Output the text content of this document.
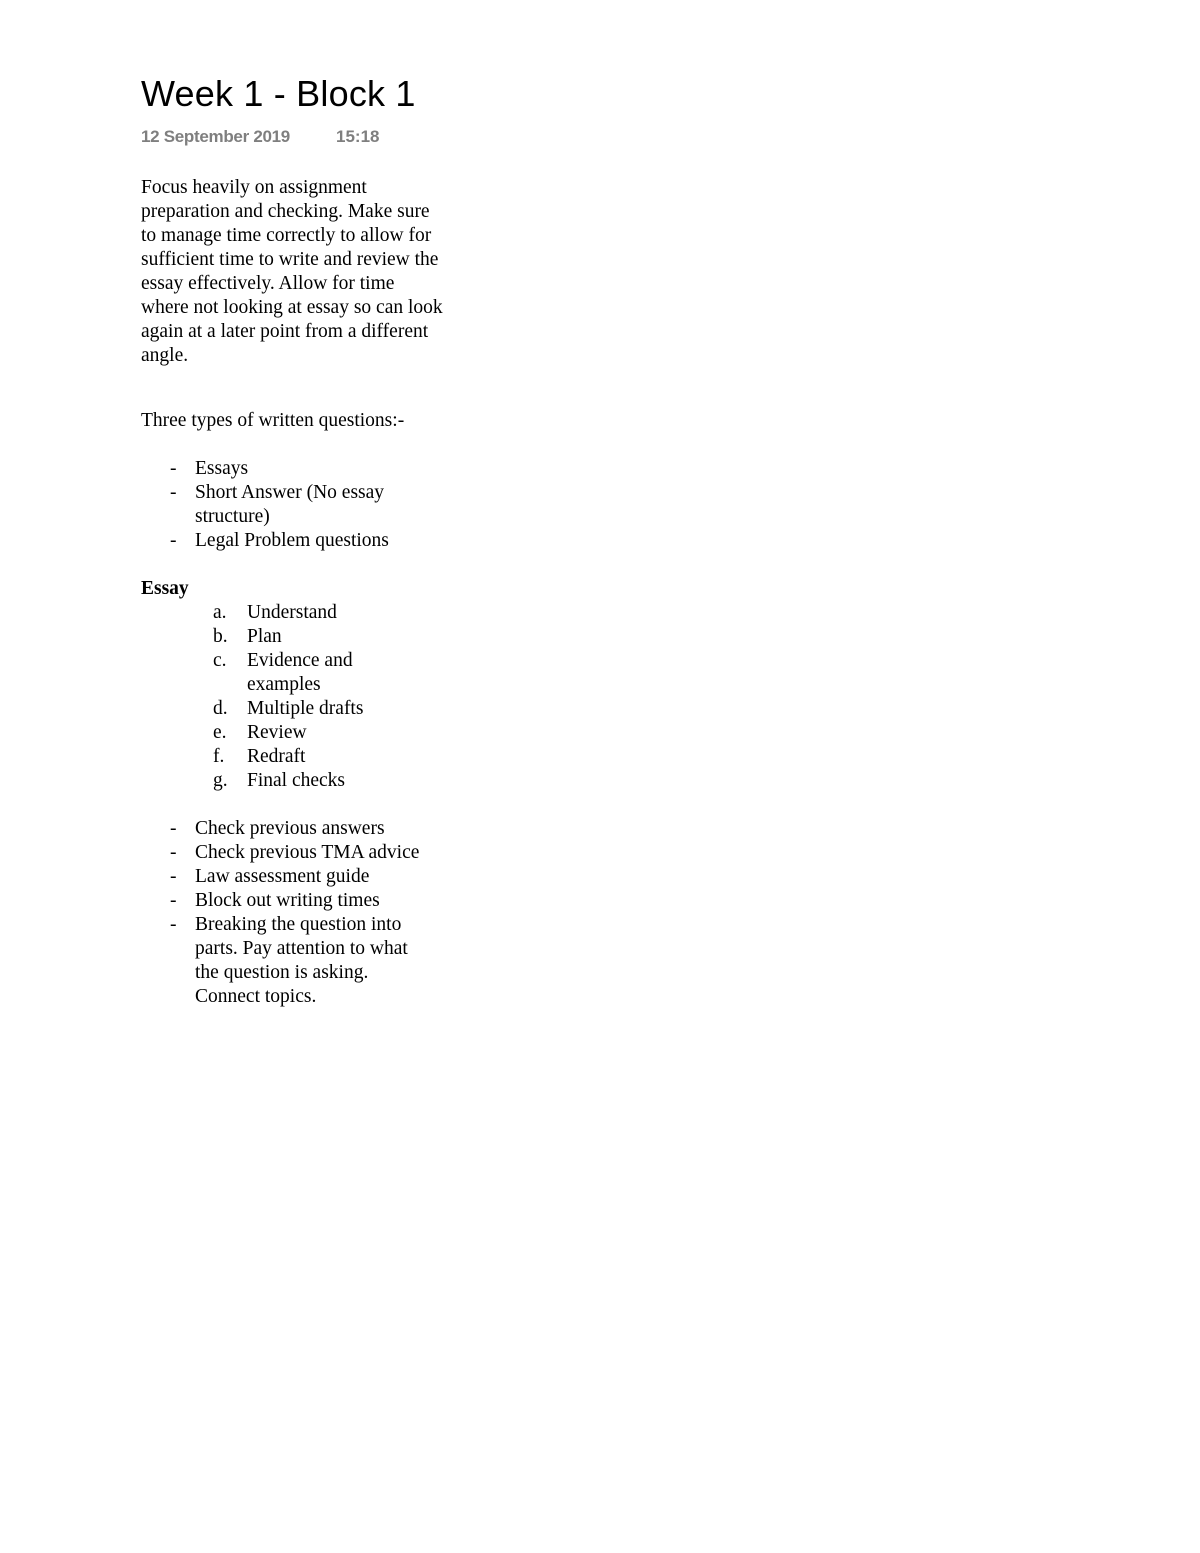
Week 1 - Block 1
12 September 2019	15:18
Focus heavily on assignment
preparation and checking. Make sure
to manage time correctly to allow for
sufficient time to write and review the
essay effectively. Allow for time
where not looking at essay so can look
again at a later point from a different
angle.
Three types of written questions:-
- Essays
- Short Answer (No essay
structure)
- Legal Problem questions
Essay
a.	Understand
b. Plan
c.	Evidence and
examples
d. Multiple drafts
e.	Review
f.	Redraft
g. Final checks
- Check previous answers
- Check previous TMA advice
- Law assessment guide
- Block out writing times
- Breaking the question into
parts. Pay attention to what
the question is asking.
Connect topics.
